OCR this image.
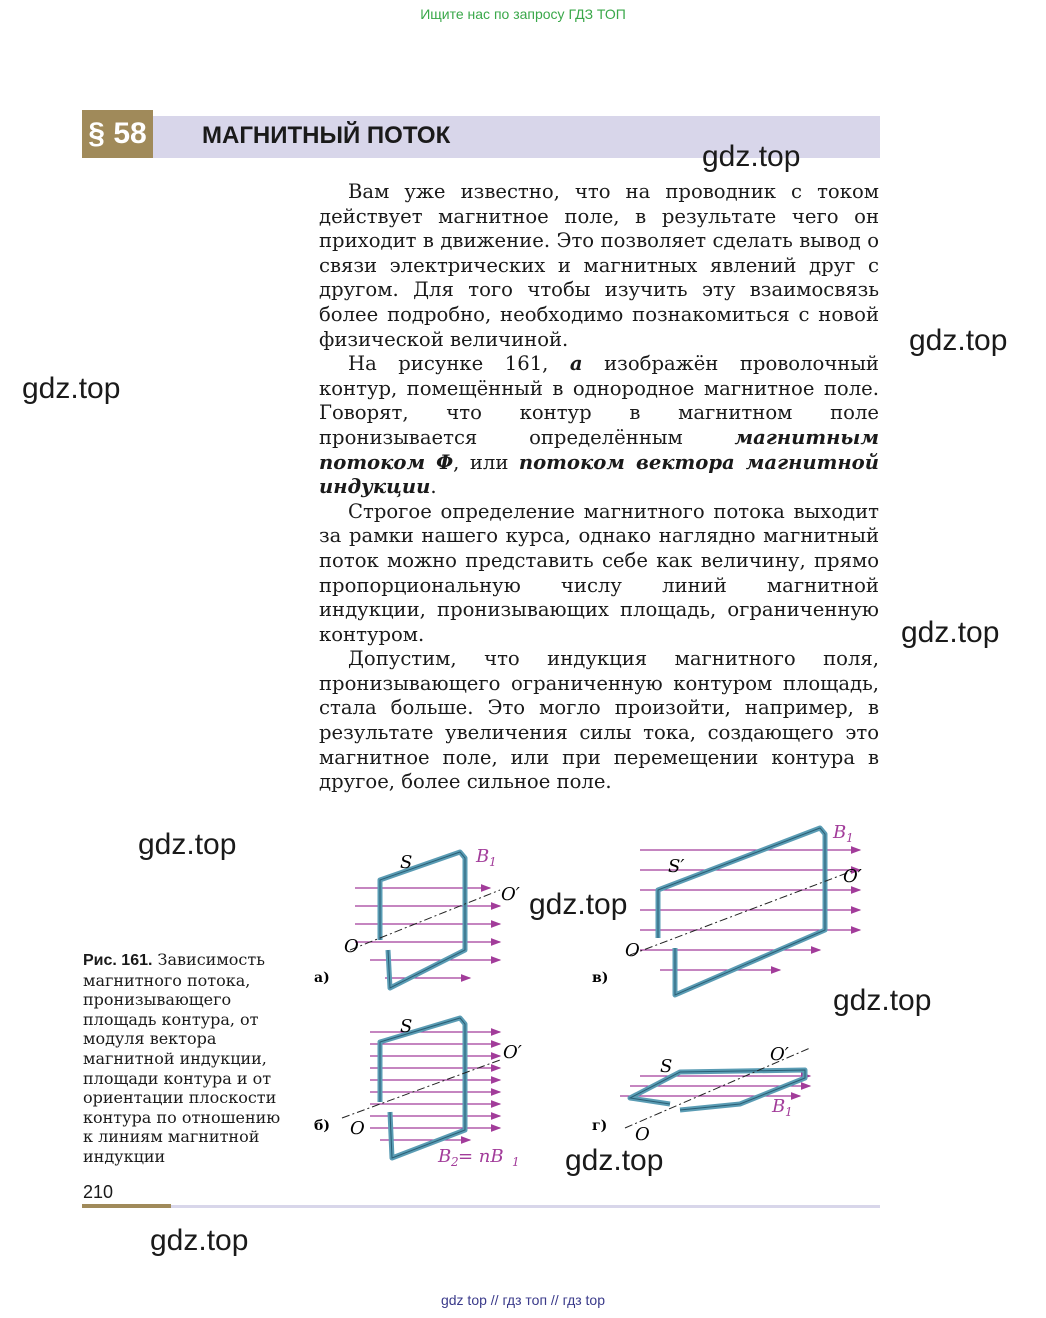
Ищите нас по запросу ГДЗ ТОП
§ 58 МАГНИТНЫЙ ПОТОК
gdz.top
gdz.top
gdz.top
gdz.top
gdz.top
gdz.top
gdz.top
gdz.top
gdz.top

Вам уже известно, что на проводник с током действует магнитное поле, в результате чего он приходит в движение. Это позволяет сделать вывод о связи электрических и магнитных явлений друг с другом. Для того чтобы изучить эту взаимосвязь более подробно, необходимо познакомиться с новой физической величиной.

На рисунке 161, а изображён проволочный контур, помещённый в однородное магнитное поле. Говорят, что контур в магнитном поле пронизывается определённым магнитным потоком Φ, или потоком вектора магнитной индукции.

Строгое определение магнитного потока выходит за рамки нашего курса, однако наглядно магнитный поток можно представить себе как величину, прямо пропорциональную числу линий магнитной индукции, пронизывающих площадь, ограниченную контуром.

Допустим, что индукция магнитного поля, пронизывающего ограниченную контуром площадь, стала больше. Это могло произойти, например, в результате увеличения силы тока, создающего это магнитное поле, или при перемещении контура в другое, более сильное поле.

S	B 1
O′
O
а)
S′
B 1
O′
O
в)
S
O′
O
B 2 = nB 1
б)
S
O′
O
B 1
г)
Рис. 161. Зависимость магнитного потока, пронизывающего площадь контура, от модуля вектора магнитной индукции, площади контура и от ориентации плоскости контура по отношению к линиям магнитной индукции
210
gdz top // гдз топ // гдз top
